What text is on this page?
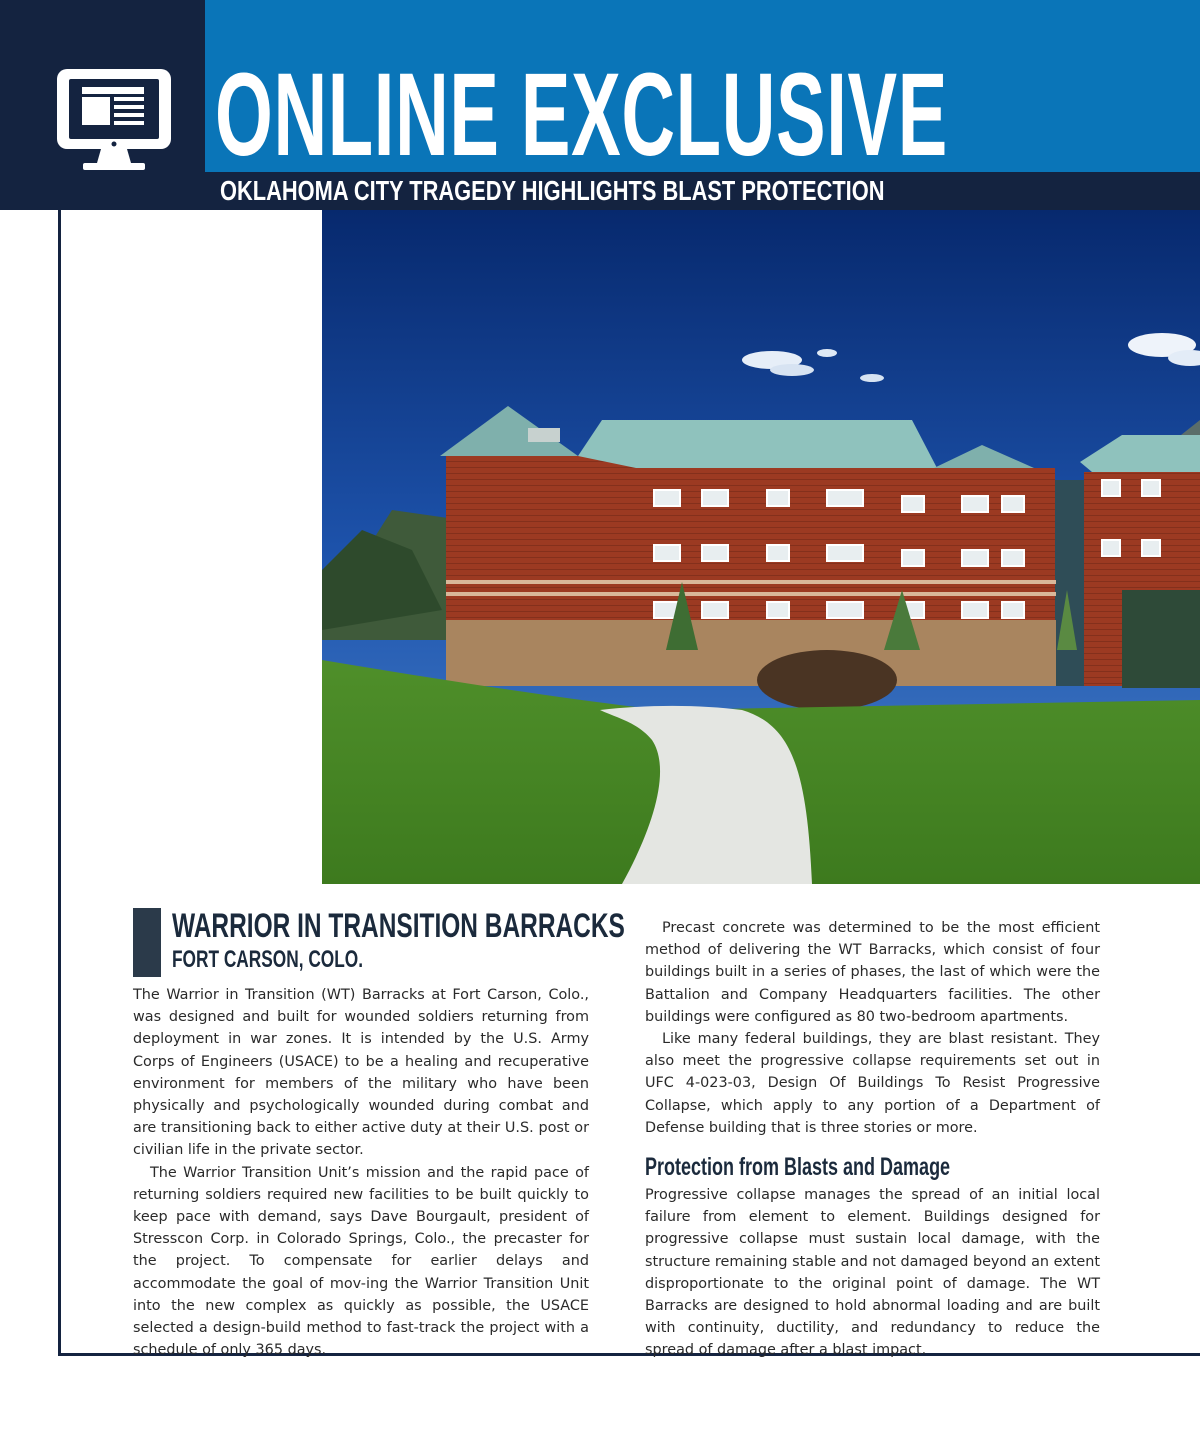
ONLINE EXCLUSIVE
OKLAHOMA CITY TRAGEDY HIGHLIGHTS BLAST PROTECTION
WARRIOR IN TRANSITION BARRACKS
FORT CARSON, COLO.

The Warrior in Transition (WT) Barracks at Fort Carson, Colo., was designed and built for wounded soldiers returning from deployment in war zones. It is intended by the U.S. Army Corps of Engineers (USACE) to be a healing and recuperative environment for members of the military who have been physically and psychologically wounded during combat and are transitioning back to either active duty at their U.S. post or civilian life in the private sector.

The Warrior Transition Unit’s mission and the rapid pace of returning soldiers required new facilities to be built quickly to keep pace with demand, says Dave Bourgault, president of Stresscon Corp. in Colorado Springs, Colo., the precaster for the project. To compensate for earlier delays and accommodate the goal of mov-ing the Warrior Transition Unit into the new complex as quickly as possible, the USACE selected a design-build method to fast-track the project with a schedule of only 365 days.

Precast concrete was determined to be the most efficient method of delivering the WT Barracks, which consist of four buildings built in a series of phases, the last of which were the Battalion and Company Headquarters facilities. The other buildings were configured as 80 two-bedroom apartments.

Like many federal buildings, they are blast resistant. They also meet the progressive collapse requirements set out in UFC 4-023-03, Design Of Buildings To Resist Progressive Collapse, which apply to any portion of a Department of Defense building that is three stories or more.

Protection from Blasts and Damage

Progressive collapse manages the spread of an initial local failure from element to element. Buildings designed for progressive collapse must sustain local damage, with the structure remaining stable and not damaged beyond an extent disproportionate to the original point of damage. The WT Barracks are designed to hold abnormal loading and are built with continuity, ductility, and redundancy to reduce the spread of damage after a blast impact.
